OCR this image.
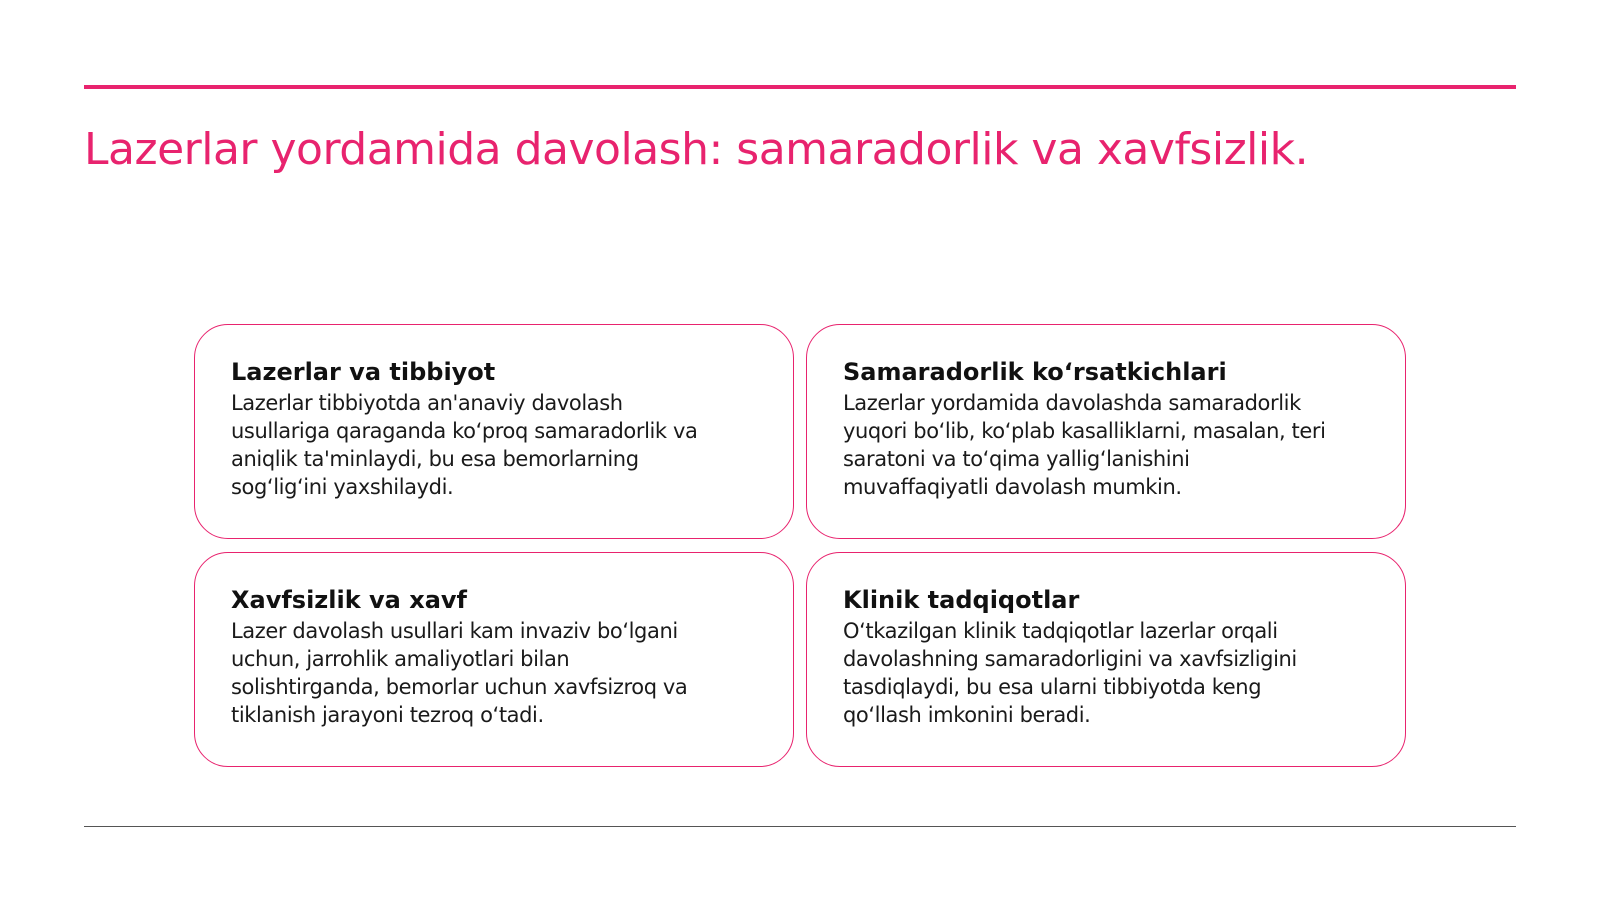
Lazerlar yordamida davolash: samaradorlik va xavfsizlik.
Lazerlar va tibbiyot

Lazerlar tibbiyotda an'anaviy davolash
usullariga qaraganda ko‘proq samaradorlik va
aniqlik ta'minlaydi, bu esa bemorlarning
sog‘lig‘ini yaxshilaydi.

Samaradorlik ko‘rsatkichlari

Lazerlar yordamida davolashda samaradorlik
yuqori bo‘lib, ko‘plab kasalliklarni, masalan, teri
saratoni va to‘qima yallig‘lanishini
muvaffaqiyatli davolash mumkin.

Xavfsizlik va xavf

Lazer davolash usullari kam invaziv bo‘lgani
uchun, jarrohlik amaliyotlari bilan
solishtirganda, bemorlar uchun xavfsizroq va
tiklanish jarayoni tezroq o‘tadi.

Klinik tadqiqotlar

O‘tkazilgan klinik tadqiqotlar lazerlar orqali
davolashning samaradorligini va xavfsizligini
tasdiqlaydi, bu esa ularni tibbiyotda keng
qo‘llash imkonini beradi.
